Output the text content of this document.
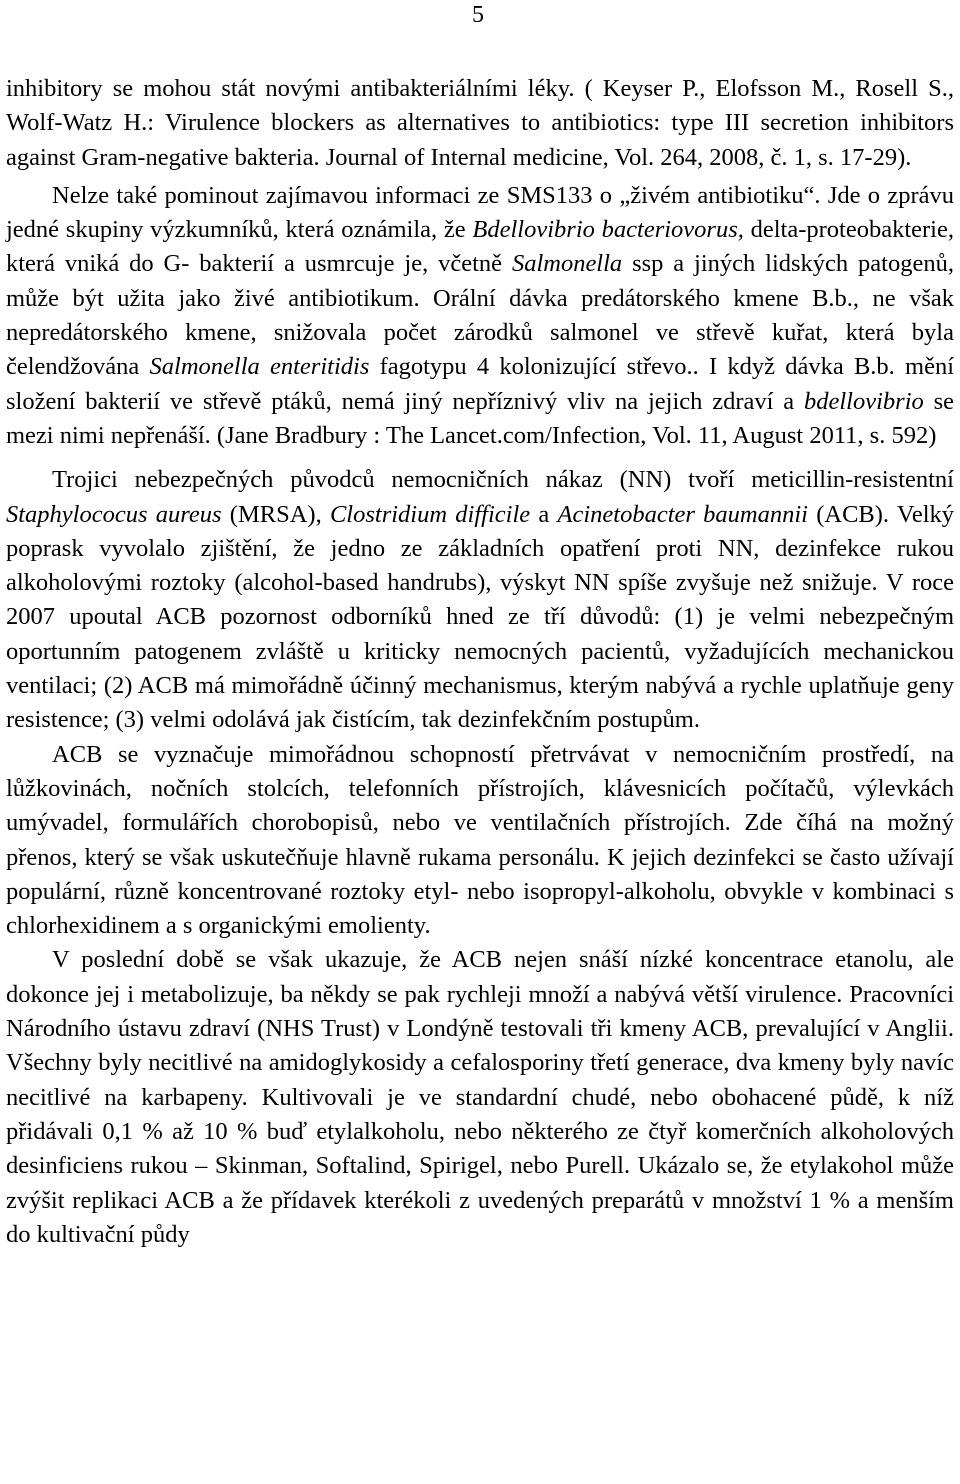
5

inhibitory se mohou stát novými antibakteriálními léky. ( Keyser P., Elofsson M., Rosell S., Wolf-Watz H.: Virulence blockers as alternatives to antibiotics: type III secretion inhibitors against Gram-negative bakteria. Journal of Internal medicine, Vol. 264, 2008, č. 1, s. 17-29).

Nelze také pominout zajímavou informaci ze SMS133 o „živém antibiotiku“. Jde o zprávu jedné skupiny výzkumníků, která oznámila, že Bdellovibrio bacteriovorus, delta-proteobakterie, která vniká do G- bakterií a usmrcuje je, včetně Salmonella ssp a jiných lidských patogenů, může být užita jako živé antibiotikum. Orální dávka predátorského kmene B.b., ne však nepredátorského kmene, snižovala počet zárodků salmonel ve střevě kuřat, která byla čelendžována Salmonella enteritidis fagotypu 4 kolonizující střevo.. I když dávka B.b. mění složení bakterií ve střevě ptáků, nemá jiný nepříznivý vliv na jejich zdraví a bdellovibrio se mezi nimi nepřenáší. (Jane Bradbury : The Lancet.com/Infection, Vol. 11, August 2011, s. 592)

Trojici nebezpečných původců nemocničních nákaz (NN) tvoří meticillin-resistentní Staphylococus aureus (MRSA), Clostridium difficile a Acinetobacter baumannii (ACB). Velký poprask vyvolalo zjištění, že jedno ze základních opatření proti NN, dezinfekce rukou alkoholovými roztoky (alcohol-based handrubs), výskyt NN spíše zvyšuje než snižuje. V roce 2007 upoutal ACB pozornost odborníků hned ze tří důvodů: (1) je velmi nebezpečným oportunním patogenem zvláště u kriticky nemocných pacientů, vyžadujících mechanickou ventilaci; (2) ACB má mimořádně účinný mechanismus, kterým nabývá a rychle uplatňuje geny resistence; (3) velmi odolává jak čistícím, tak dezinfekčním postupům.

ACB se vyznačuje mimořádnou schopností přetrvávat v nemocničním prostředí, na lůžkovinách, nočních stolcích, telefonních přístrojích, klávesnicích počítačů, výlevkách umývadel, formulářích chorobopisů, nebo ve ventilačních přístrojích. Zde číhá na možný přenos, který se však uskutečňuje hlavně rukama personálu. K jejich dezinfekci se často užívají populární, různě koncentrované roztoky etyl- nebo isopropyl-alkoholu, obvykle v kombinaci s chlorhexidinem a s organickými emolienty.

V poslední době se však ukazuje, že ACB nejen snáší nízké koncentrace etanolu, ale dokonce jej i metabolizuje, ba někdy se pak rychleji množí a nabývá větší virulence. Pracovníci Národního ústavu zdraví (NHS Trust) v Londýně testovali tři kmeny ACB, prevalující v Anglii. Všechny byly necitlivé na amidoglykosidy a cefalosporiny třetí generace, dva kmeny byly navíc necitlivé na karbapeny. Kultivovali je ve standardní chudé, nebo obohacené půdě, k níž přidávali 0,1 % až 10 % buď etylalkoholu, nebo některého ze čtyř komerčních alkoholových desinficiens rukou – Skinman, Softalind, Spirigel, nebo Purell. Ukázalo se, že etylakohol může zvýšit replikaci ACB a že přídavek kterékoli z uvedených preparátů v množství 1 % a menším do kultivační půdy
